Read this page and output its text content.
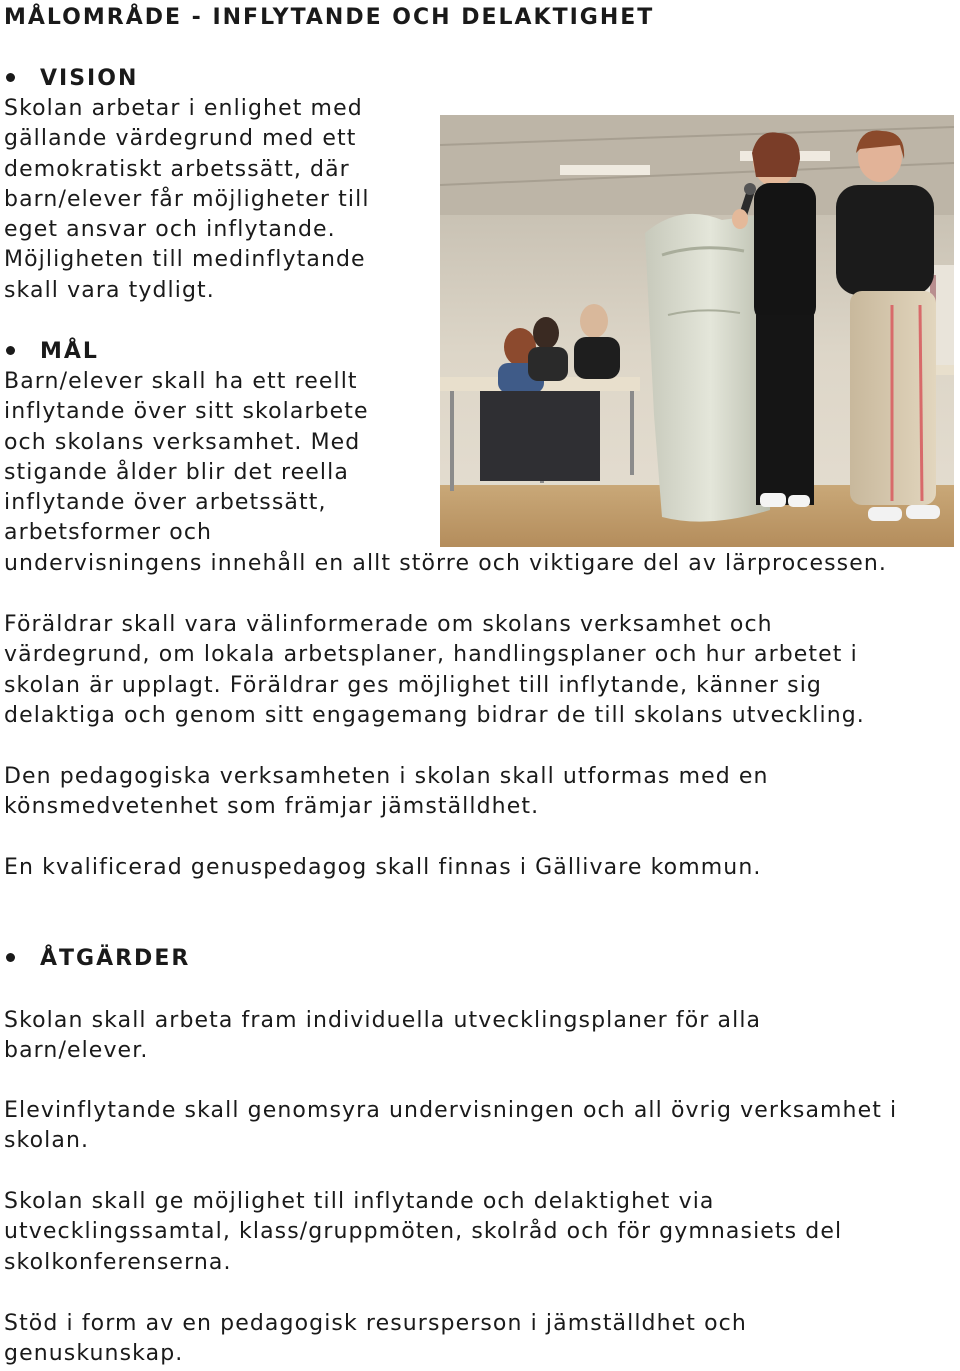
MÅLOMRÅDE - INFLYTANDE OCH DELAKTIGHET
VISION
Skolan arbetar i enlighet med
gällande värdegrund med ett
demokratiskt arbetssätt, där
barn/elever får möjligheter till
eget ansvar och inflytande.
Möjligheten till medinflytande
skall vara tydligt.
MÅL
Barn/elever skall ha ett reellt
inflytande över sitt skolarbete
och skolans verksamhet. Med
stigande ålder blir det reella
inflytande över arbetssätt,
arbetsformer och
undervisningens innehåll en allt större och viktigare del av lärprocessen.
Föräldrar skall vara välinformerade om skolans verksamhet och
värdegrund, om lokala arbetsplaner, handlingsplaner och hur arbetet i
skolan är upplagt. Föräldrar ges möjlighet till inflytande, känner sig
delaktiga och genom sitt engagemang bidrar de till skolans utveckling.
Den pedagogiska verksamheten i skolan skall utformas med en
könsmedvetenhet som främjar jämställdhet.
En kvalificerad genuspedagog skall finnas i Gällivare kommun.
ÅTGÄRDER
Skolan skall arbeta fram individuella utvecklingsplaner för alla
barn/elever.
Elevinflytande skall genomsyra undervisningen och all övrig verksamhet i
skolan.
Skolan skall ge möjlighet till inflytande och delaktighet via
utvecklingssamtal, klass/gruppmöten, skolråd och för gymnasiets del
skolkonferenserna.
Stöd i form av en pedagogisk resursperson i jämställdhet och
genuskunskap.
